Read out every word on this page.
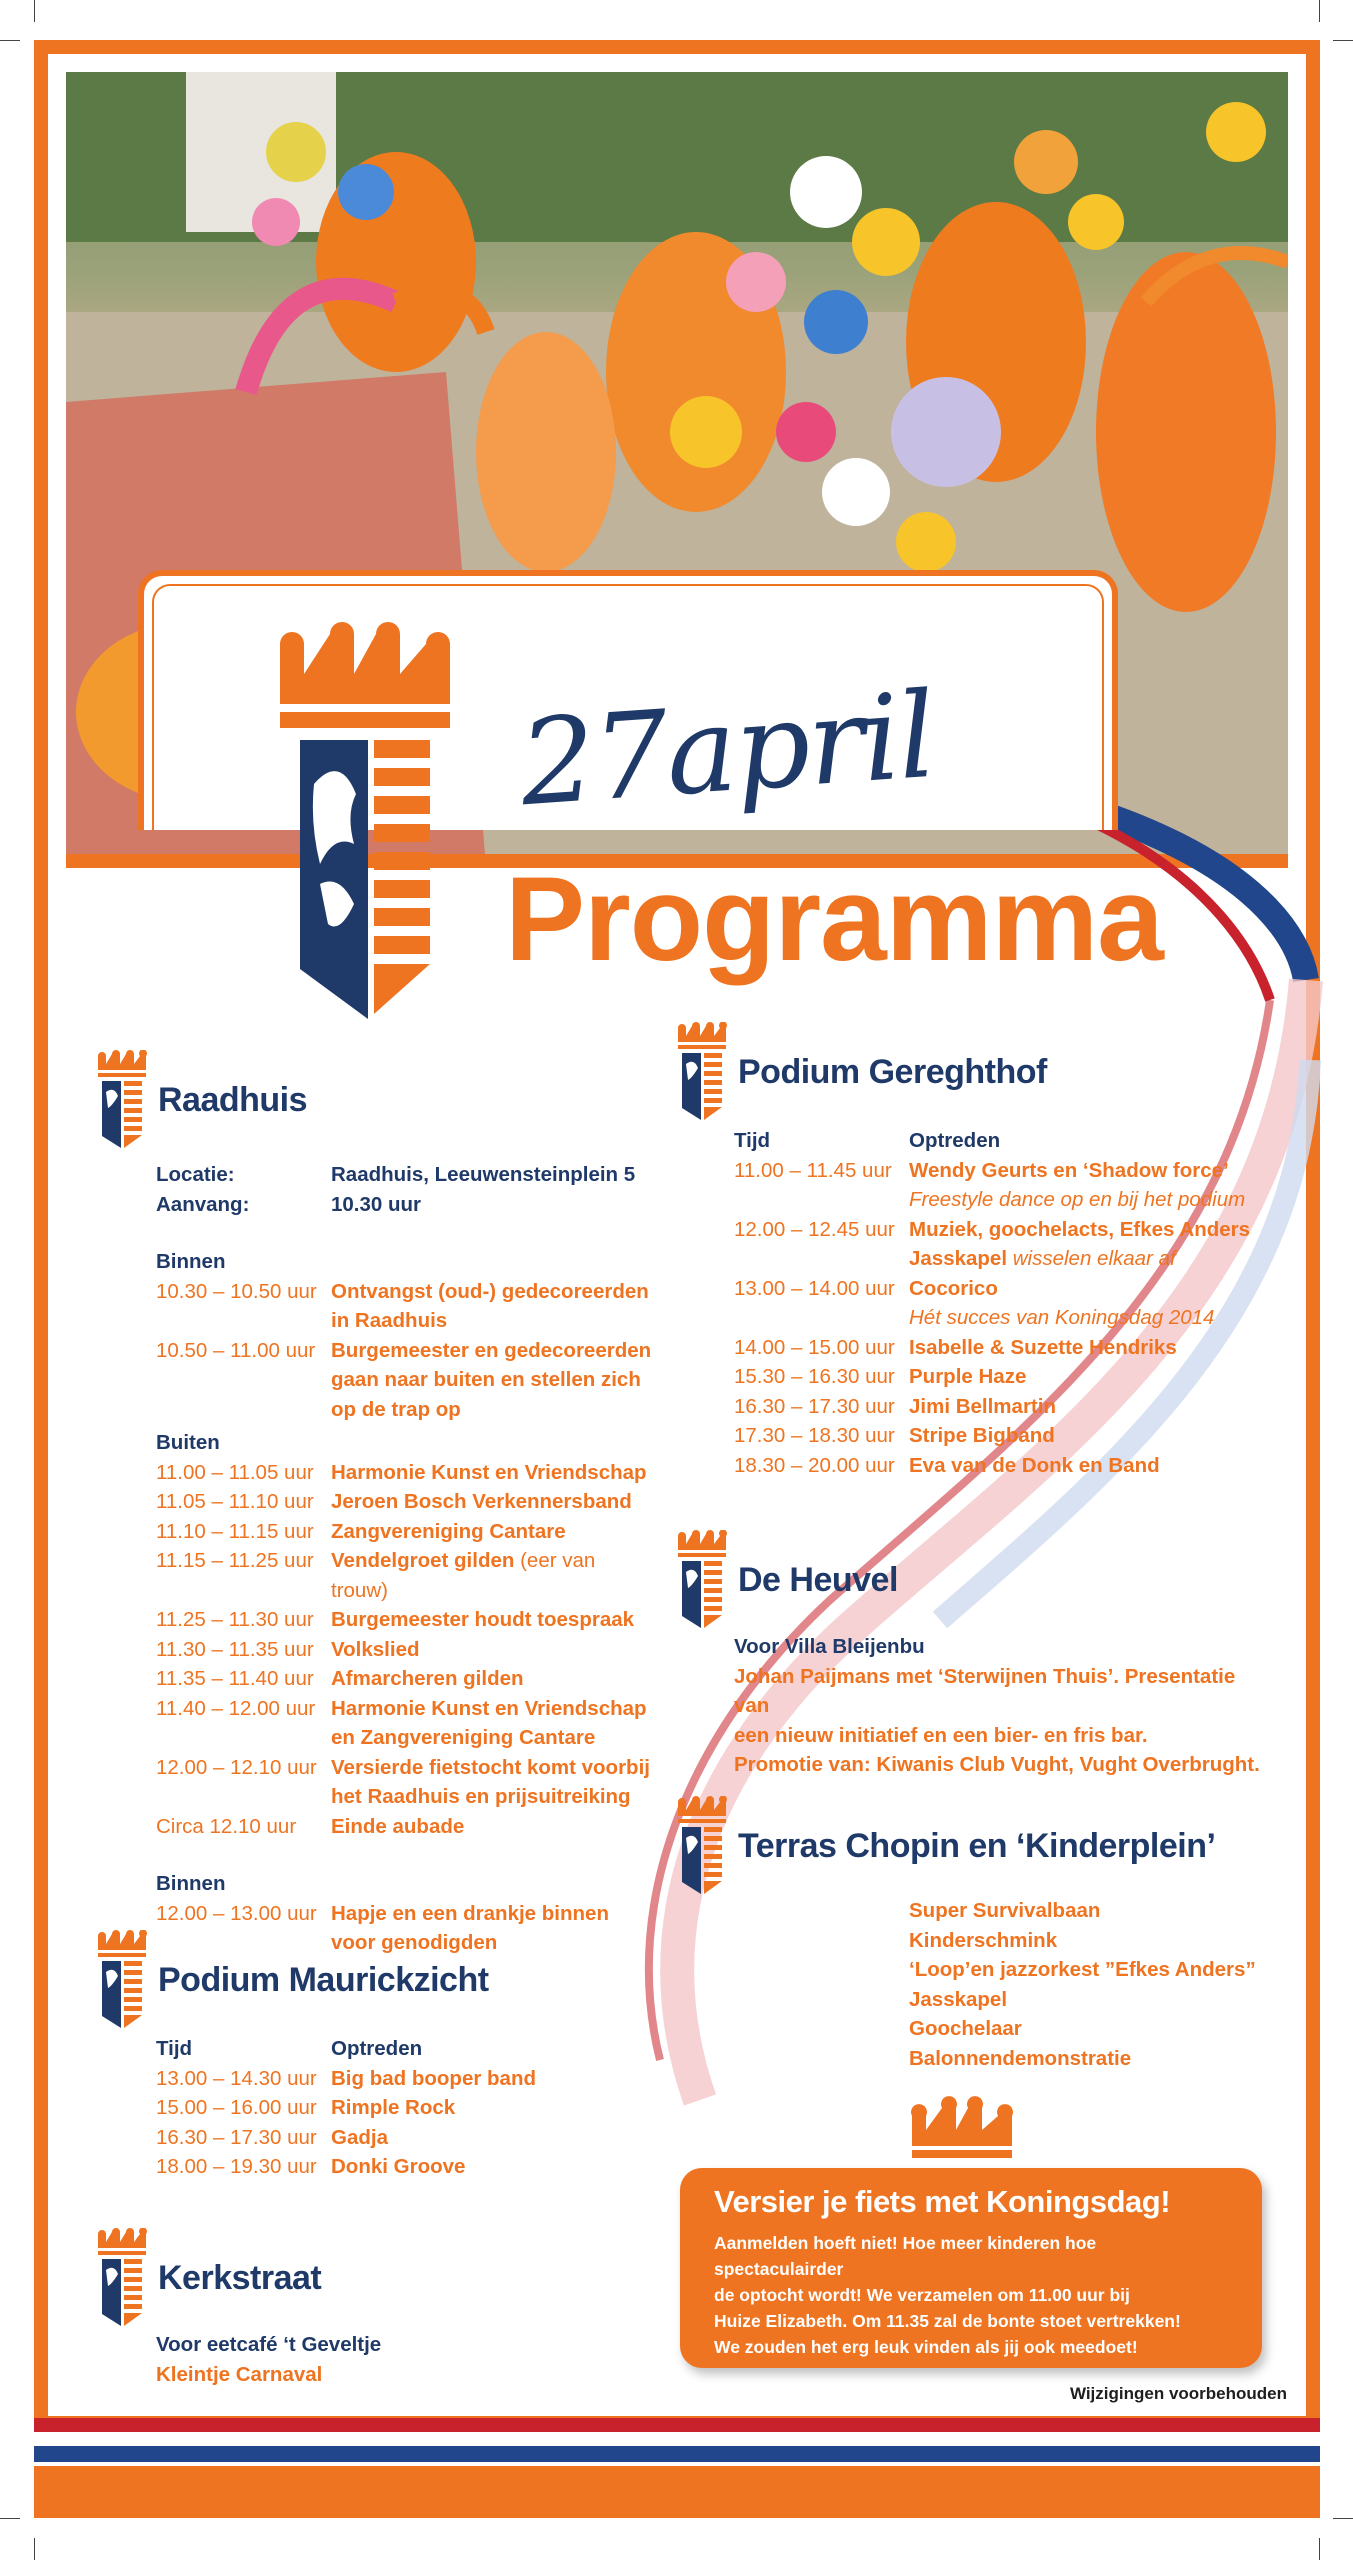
27april
Programma
Raadhuis
Locatie:	Raadhuis, Leeuwensteinplein 5
Aanvang:	10.30 uur
Binnen
10.30 – 10.50 uur Ontvangst (oud-) gedecoreerden
in Raadhuis
10.50 – 11.00 uur Burgemeester en gedecoreerden
gaan naar buiten en stellen zich
op de trap op
Buiten
11.00 – 11.05 uur Harmonie Kunst en Vriendschap
11.05 – 11.10 uur Jeroen Bosch Verkennersband
11.10 – 11.15 uur Zangvereniging Cantare
11.15 – 11.25 uur Vendelgroet gilden (eer van trouw)
11.25 – 11.30 uur Burgemeester houdt toespraak
11.30 – 11.35 uur Volkslied
11.35 – 11.40 uur Afmarcheren gilden
11.40 – 12.00 uur Harmonie Kunst en Vriendschap
en Zangvereniging Cantare
12.00 – 12.10 uur Versierde fietstocht komt voorbij
het Raadhuis en prijsuitreiking
Circa 12.10 uur	Einde aubade
Binnen
12.00 – 13.00 uur Hapje en een drankje binnen
voor genodigden
Podium Maurickzicht
Tijd	Optreden
13.00 – 14.30 uur Big bad booper band
15.00 – 16.00 uur Rimple Rock
16.30 – 17.30 uur Gadja
18.00 – 19.30 uur Donki Groove
Kerkstraat
Voor eetcafé ‘t Geveltje
Kleintje Carnaval
Podium Gereghthof
Tijd	Optreden
11.00 – 11.45 uur Wendy Geurts en ‘Shadow force’
Freestyle dance op en bij het podium
12.00 – 12.45 uur Muziek, goochelacts, Efkes Anders
Jasskapel wisselen elkaar af
13.00 – 14.00 uur Cocorico
Hét succes van Koningsdag 2014
14.00 – 15.00 uur Isabelle & Suzette Hendriks
15.30 – 16.30 uur Purple Haze
16.30 – 17.30 uur Jimi Bellmartin
17.30 – 18.30 uur Stripe Bigband
18.30 – 20.00 uur Eva van de Donk en Band
De Heuvel
Voor Villa Bleijenbu
Johan Paijmans met ‘Sterwijnen Thuis’. Presentatie van
een nieuw initiatief en een bier- en fris bar.
Promotie van: Kiwanis Club Vught, Vught Overbrught.
Terras Chopin en ‘Kinderplein’
Super Survivalbaan
Kinderschmink
‘Loop’en jazzorkest ”Efkes Anders”
Jasskapel
Goochelaar
Balonnendemonstratie
Versier je fiets met Koningsdag!

Aanmelden hoeft niet! Hoe meer kinderen hoe spectaculairder

de optocht wordt! We verzamelen om 11.00 uur bij

Huize Elizabeth. Om 11.35 zal de bonte stoet vertrekken!

We zouden het erg leuk vinden als jij ook meedoet!

Wijzigingen voorbehouden
